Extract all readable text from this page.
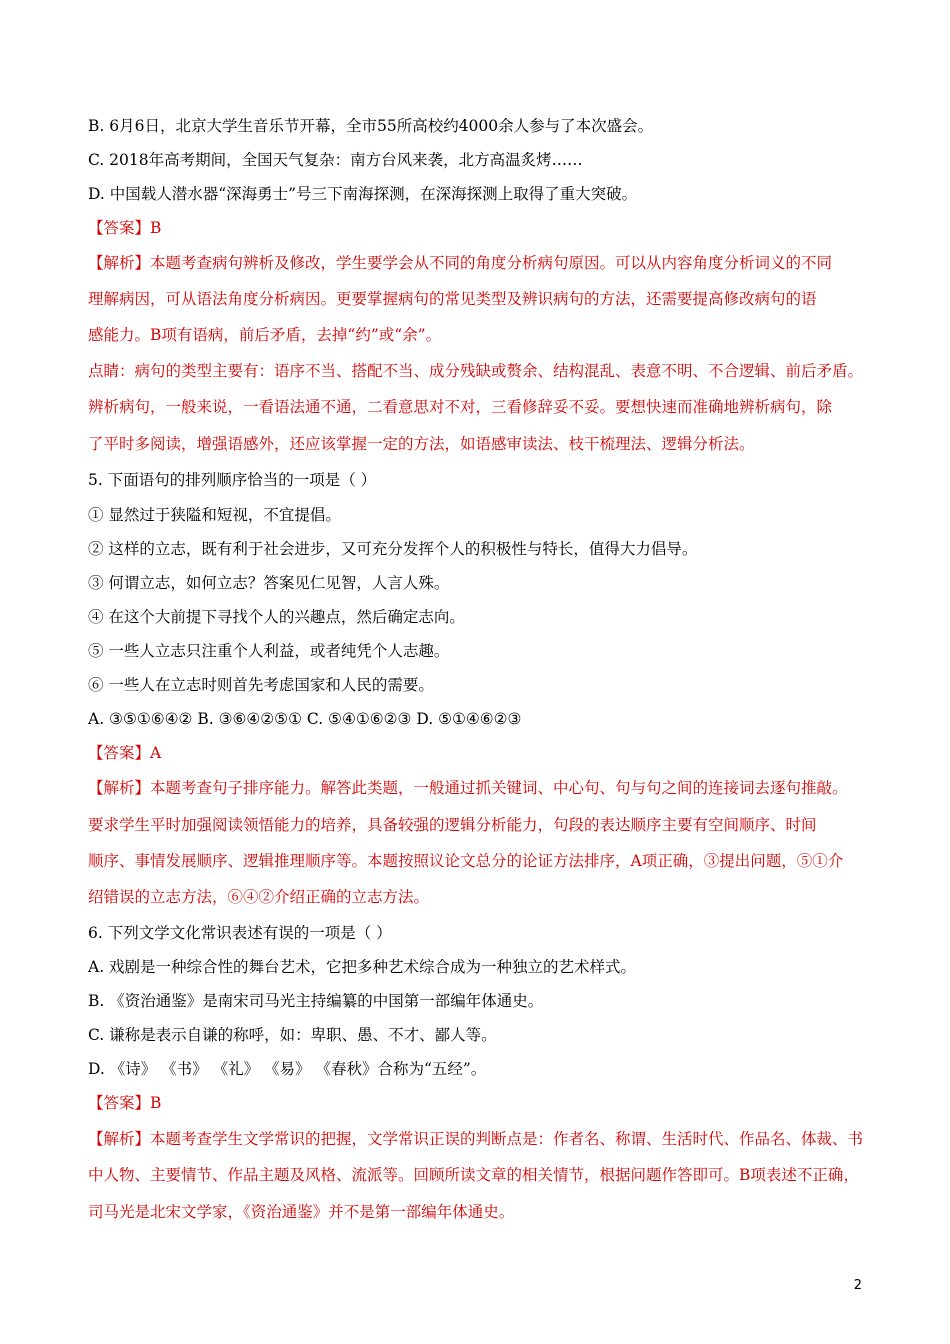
B. 6月6日，北京大学生音乐节开幕，全市55所高校约4000余人参与了本次盛会。
C. 2018年高考期间，全国天气复杂：南方台风来袭，北方高温炙烤……
D. 中国载人潜水器“深海勇士”号三下南海探测，在深海探测上取得了重大突破。
【答案】B
【解析】本题考查病句辨析及修改，学生要学会从不同的角度分析病句原因。可以从内容角度分析词义的不同
理解病因，可从语法角度分析病因。更要掌握病句的常见类型及辨识病句的方法，还需要提高修改病句的语
感能力。B项有语病，前后矛盾，去掉“约”或“余”。
点睛：病句的类型主要有：语序不当、搭配不当、成分残缺或赘余、结构混乱、表意不明、不合逻辑、前后矛盾。
辨析病句，一般来说，一看语法通不通，二看意思对不对，三看修辞妥不妥。要想快速而准确地辨析病句，除
了平时多阅读，增强语感外，还应该掌握一定的方法，如语感审读法、枝干梳理法、逻辑分析法。
5. 下面语句的排列顺序恰当的一项是（ ）
① 显然过于狭隘和短视，不宜提倡。
② 这样的立志，既有利于社会进步，又可充分发挥个人的积极性与特长，值得大力倡导。
③ 何谓立志，如何立志？答案见仁见智，人言人殊。
④ 在这个大前提下寻找个人的兴趣点，然后确定志向。
⑤ 一些人立志只注重个人利益，或者纯凭个人志趣。
⑥ 一些人在立志时则首先考虑国家和人民的需要。
A. ③⑤①⑥④② B. ③⑥④②⑤① C. ⑤④①⑥②③ D. ⑤①④⑥②③
【答案】A
【解析】本题考查句子排序能力。解答此类题，一般通过抓关键词、中心句、句与句之间的连接词去逐句推敲。
要求学生平时加强阅读领悟能力的培养，具备较强的逻辑分析能力，句段的表达顺序主要有空间顺序、时间
顺序、事情发展顺序、逻辑推理顺序等。本题按照议论文总分的论证方法排序，A项正确，③提出问题，⑤①介
绍错误的立志方法，⑥④②介绍正确的立志方法。
6. 下列文学文化常识表述有误的一项是（ ）
A. 戏剧是一种综合性的舞台艺术，它把多种艺术综合成为一种独立的艺术样式。
B. 《资治通鉴》是南宋司马光主持编纂的中国第一部编年体通史。
C. 谦称是表示自谦的称呼，如：卑职、愚、不才、鄙人等。
D. 《诗》 《书》 《礼》 《易》 《春秋》合称为“五经”。
【答案】B
【解析】本题考查学生文学常识的把握，文学常识正误的判断点是：作者名、称谓、生活时代、作品名、体裁、书
中人物、主要情节、作品主题及风格、流派等。回顾所读文章的相关情节，根据问题作答即可。B项表述不正确，
司马光是北宋文学家，《资治通鉴》并不是第一部编年体通史。
2
